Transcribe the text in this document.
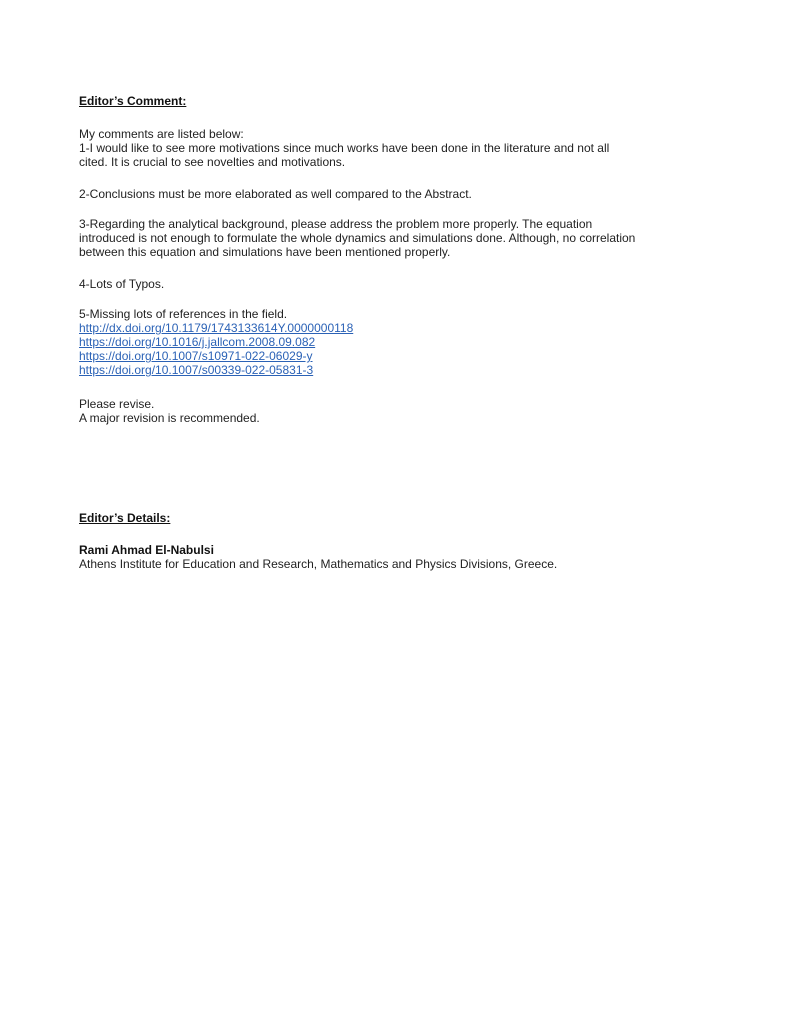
Editor’s Comment:
My comments are listed below:
1-I would like to see more motivations since much works have been done in the literature and not all
cited. It is crucial to see novelties and motivations.
2-Conclusions must be more elaborated as well compared to the Abstract.
3-Regarding the analytical background, please address the problem more properly. The equation
introduced is not enough to formulate the whole dynamics and simulations done. Although, no correlation
between this equation and simulations have been mentioned properly.
4-Lots of Typos.
5-Missing lots of references in the field.
http://dx.doi.org/10.1179/1743133614Y.0000000118
https://doi.org/10.1016/j.jallcom.2008.09.082
https://doi.org/10.1007/s10971-022-06029-y
https://doi.org/10.1007/s00339-022-05831-3
Please revise.
A major revision is recommended.
Editor’s Details:
Rami Ahmad El-Nabulsi
Athens Institute for Education and Research, Mathematics and Physics Divisions, Greece.
